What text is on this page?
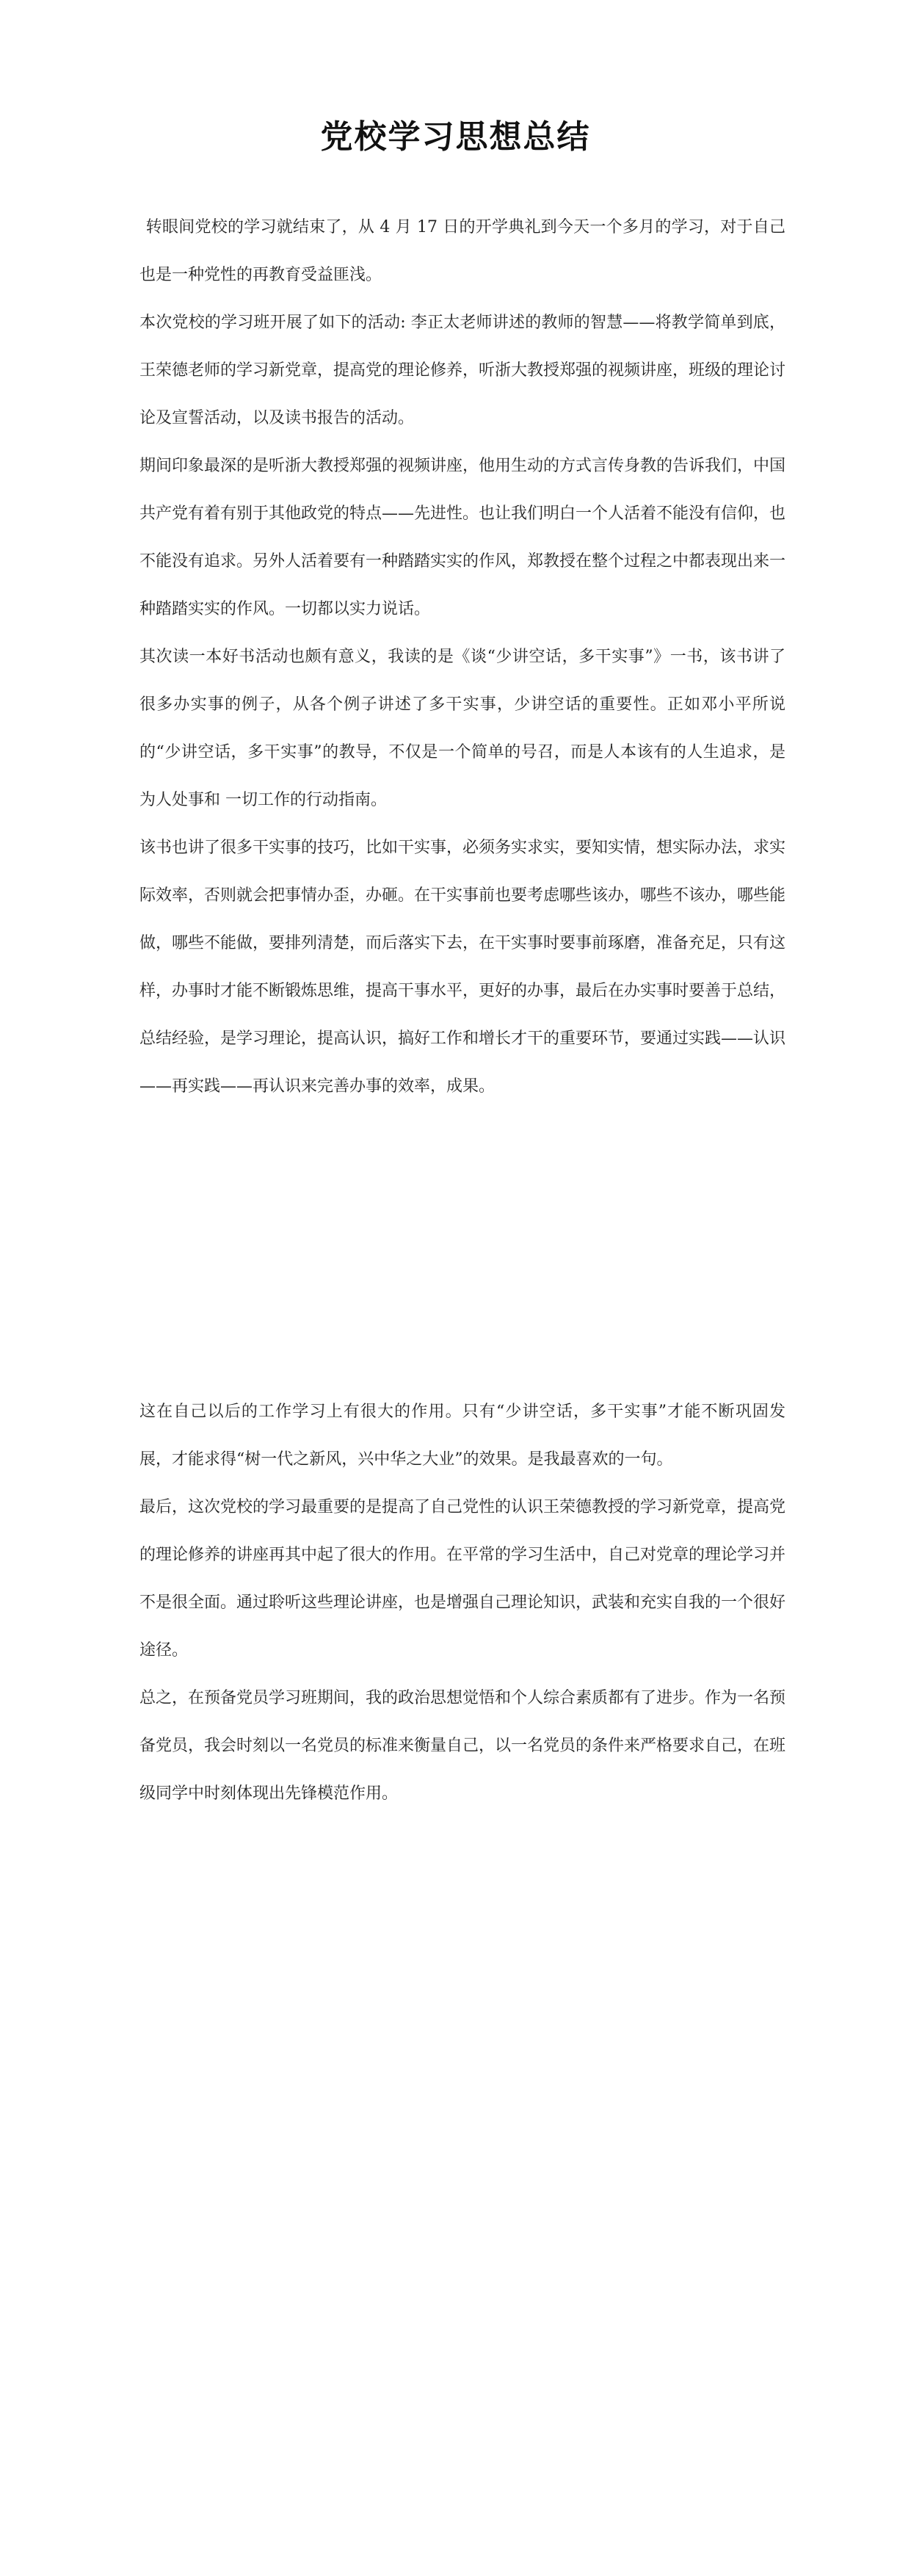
党校学习思想总结

转眼间党校的学习就结束了，从 4 月 17 日的开学典礼到今天一个多月的学习，对于自己也是一种党性的再教育受益匪浅。

本次党校的学习班开展了如下的活动: 李正太老师讲述的教师的智慧——将教学简单到底，王荣德老师的学习新党章，提高党的理论修养，听浙大教授郑强的视频讲座，班级的理论讨论及宣誓活动，以及读书报告的活动。

期间印象最深的是听浙大教授郑强的视频讲座，他用生动的方式言传身教的告诉我们，中国共产党有着有别于其他政党的特点——先进性。也让我们明白一个人活着不能没有信仰，也不能没有追求。另外人活着要有一种踏踏实实的作风，郑教授在整个过程之中都表现出来一种踏踏实实的作风。一切都以实力说话。

其次读一本好书活动也颇有意义，我读的是《谈“少讲空话，多干实事”》一书，该书讲了很多办实事的例子，从各个例子讲述了多干实事，少讲空话的重要性。正如邓小平所说的“少讲空话，多干实事”的教导，不仅是一个简单的号召，而是人本该有的人生追求，是为人处事和 一切工作的行动指南。

该书也讲了很多干实事的技巧，比如干实事，必须务实求实，要知实情，想实际办法，求实际效率，否则就会把事情办歪，办砸。在干实事前也要考虑哪些该办，哪些不该办，哪些能做，哪些不能做，要排列清楚，而后落实下去，在干实事时要事前琢磨，准备充足，只有这样，办事时才能不断锻炼思维，提高干事水平，更好的办事，最后在办实事时要善于总结，总结经验，是学习理论，提高认识，搞好工作和增长才干的重要环节，要通过实践——认识——再实践——再认识来完善办事的效率，成果。

这在自己以后的工作学习上有很大的作用。只有“少讲空话，多干实事”才能不断巩固发展，才能求得“树一代之新风，兴中华之大业”的效果。是我最喜欢的一句。

最后，这次党校的学习最重要的是提高了自己党性的认识王荣德教授的学习新党章，提高党的理论修养的讲座再其中起了很大的作用。在平常的学习生活中，自己对党章的理论学习并不是很全面。通过聆听这些理论讲座，也是增强自己理论知识，武装和充实自我的一个很好途径。

总之，在预备党员学习班期间，我的政治思想觉悟和个人综合素质都有了进步。作为一名预备党员，我会时刻以一名党员的标准来衡量自己，以一名党员的条件来严格要求自己，在班级同学中时刻体现出先锋模范作用。
